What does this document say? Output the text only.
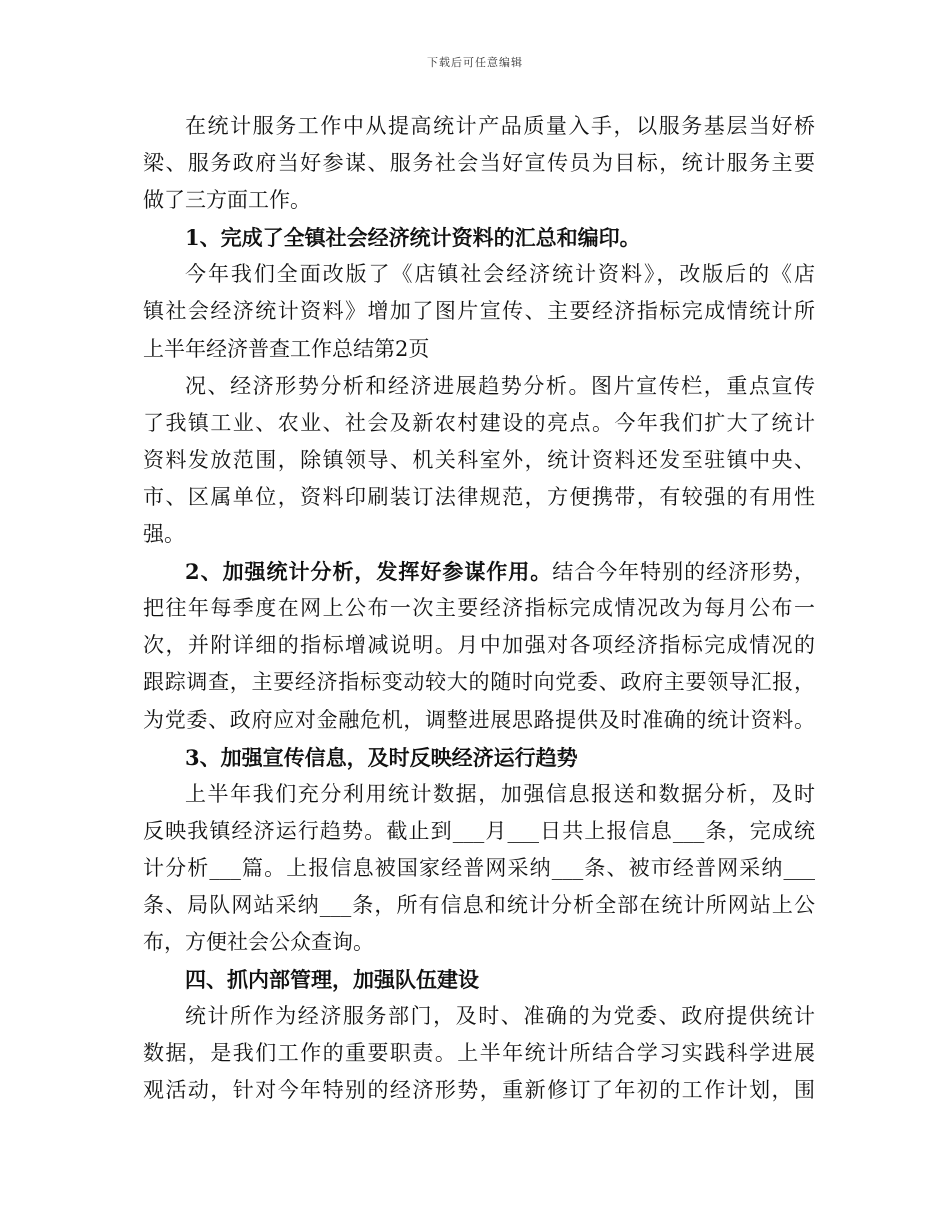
下载后可任意编辑
在统计服务工作中从提高统计产品质量入手，以服务基层当好桥
梁、服务政府当好参谋、服务社会当好宣传员为目标，统计服务主要
做了三方面工作。
1、完成了全镇社会经济统计资料的汇总和编印。
今年我们全面改版了《店镇社会经济统计资料》，改版后的《店
镇社会经济统计资料》增加了图片宣传、主要经济指标完成情统计所
上半年经济普查工作总结第2页
况、经济形势分析和经济进展趋势分析。图片宣传栏，重点宣传
了我镇工业、农业、社会及新农村建设的亮点。今年我们扩大了统计
资料发放范围，除镇领导、机关科室外，统计资料还发至驻镇中央、
市、区属单位，资料印刷装订法律规范，方便携带，有较强的有用性
强。
2、加强统计分析，发挥好参谋作用。结合今年特别的经济形势，
把往年每季度在网上公布一次主要经济指标完成情况改为每月公布一
次，并附详细的指标增减说明。月中加强对各项经济指标完成情况的
跟踪调查，主要经济指标变动较大的随时向党委、政府主要领导汇报，
为党委、政府应对金融危机，调整进展思路提供及时准确的统计资料。
3、加强宣传信息，及时反映经济运行趋势
上半年我们充分利用统计数据，加强信息报送和数据分析，及时
反映我镇经济运行趋势。截止到___月___日共上报信息___条，完成统
计分析___篇。上报信息被国家经普网采纳___条、被市经普网采纳___
条、局队网站采纳___条，所有信息和统计分析全部在统计所网站上公
布，方便社会公众查询。
四、抓内部管理，加强队伍建设
统计所作为经济服务部门，及时、准确的为党委、政府提供统计
数据，是我们工作的重要职责。上半年统计所结合学习实践科学进展
观活动，针对今年特别的经济形势，重新修订了年初的工作计划，围
